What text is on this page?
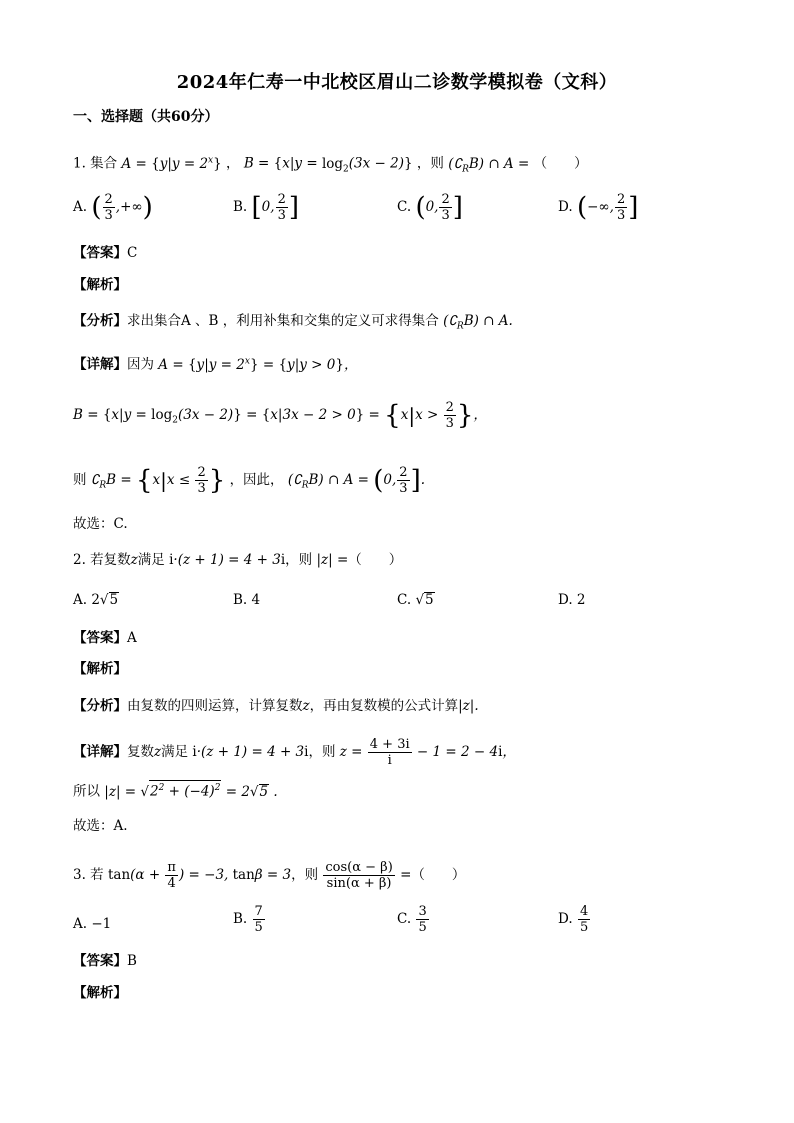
2024年仁寿一中北校区眉山二诊数学模拟卷（文科）
一、选择题（共60分）
1. 集合 $A = \{y|y = 2^x\}$ ， $B = \{x|y = \log_2(3x - 2)\}$ ，则 $(∁_RB)$ ∩ A = （　　）
A. ( $\frac{2}{3}$ ,+∞)	B. [0, $\frac{2}{3}$ ]	C. (0, $\frac{2}{3}$ ]	D. (−∞, $\frac{2}{3}$ ]
【答案】C
【解析】
【分析】求出集合A 、B ，利用补集和交集的定义可求得集合 $(∁_RB)$ ∩ A.
【详解】因为 $A = \{y|y = 2^x\} = \{y|y > 0\}$，
$B = \{x|y = \log_2(3x - 2)\} = \{x|3x - 2 > 0\} = \{x|x > \frac{2}{3}$ }，
则 $∁_RB = \{x|x \le \frac{2}{3}$ } ，因此， $(∁_RB)$ ∩ A = (0, $\frac{2}{3}$ ].
故选：C.
2. 若复数z满足 i·(z + 1) = 4 + 3i，则 |z| =（　　）
A. 2√5	B. 4	C. √5	D. 2
【答案】A
【解析】
【分析】由复数的四则运算，计算复数z，再由复数模的公式计算|z|.
【详解】复数z满足 i·(z + 1) = 4 + 3i，则 $z = \frac{4 + 3i}{i} - 1 = 2 - 4i$，
所以 $|z| = √2^2 + (-4)^2 = 2√5$ .
故选：A.
3. 若 $\tan(\alpha + \frac{\pi}{4}$ ) = −3, tanβ = 3，则 $\frac{\cos(\alpha - \beta)}{\sin(\alpha + \beta)}$ =（　　）
A. −1	B. $\frac{7}{5}$	C. $\frac{3}{5}$	D. $\frac{4}{5}$
【答案】B
【解析】
